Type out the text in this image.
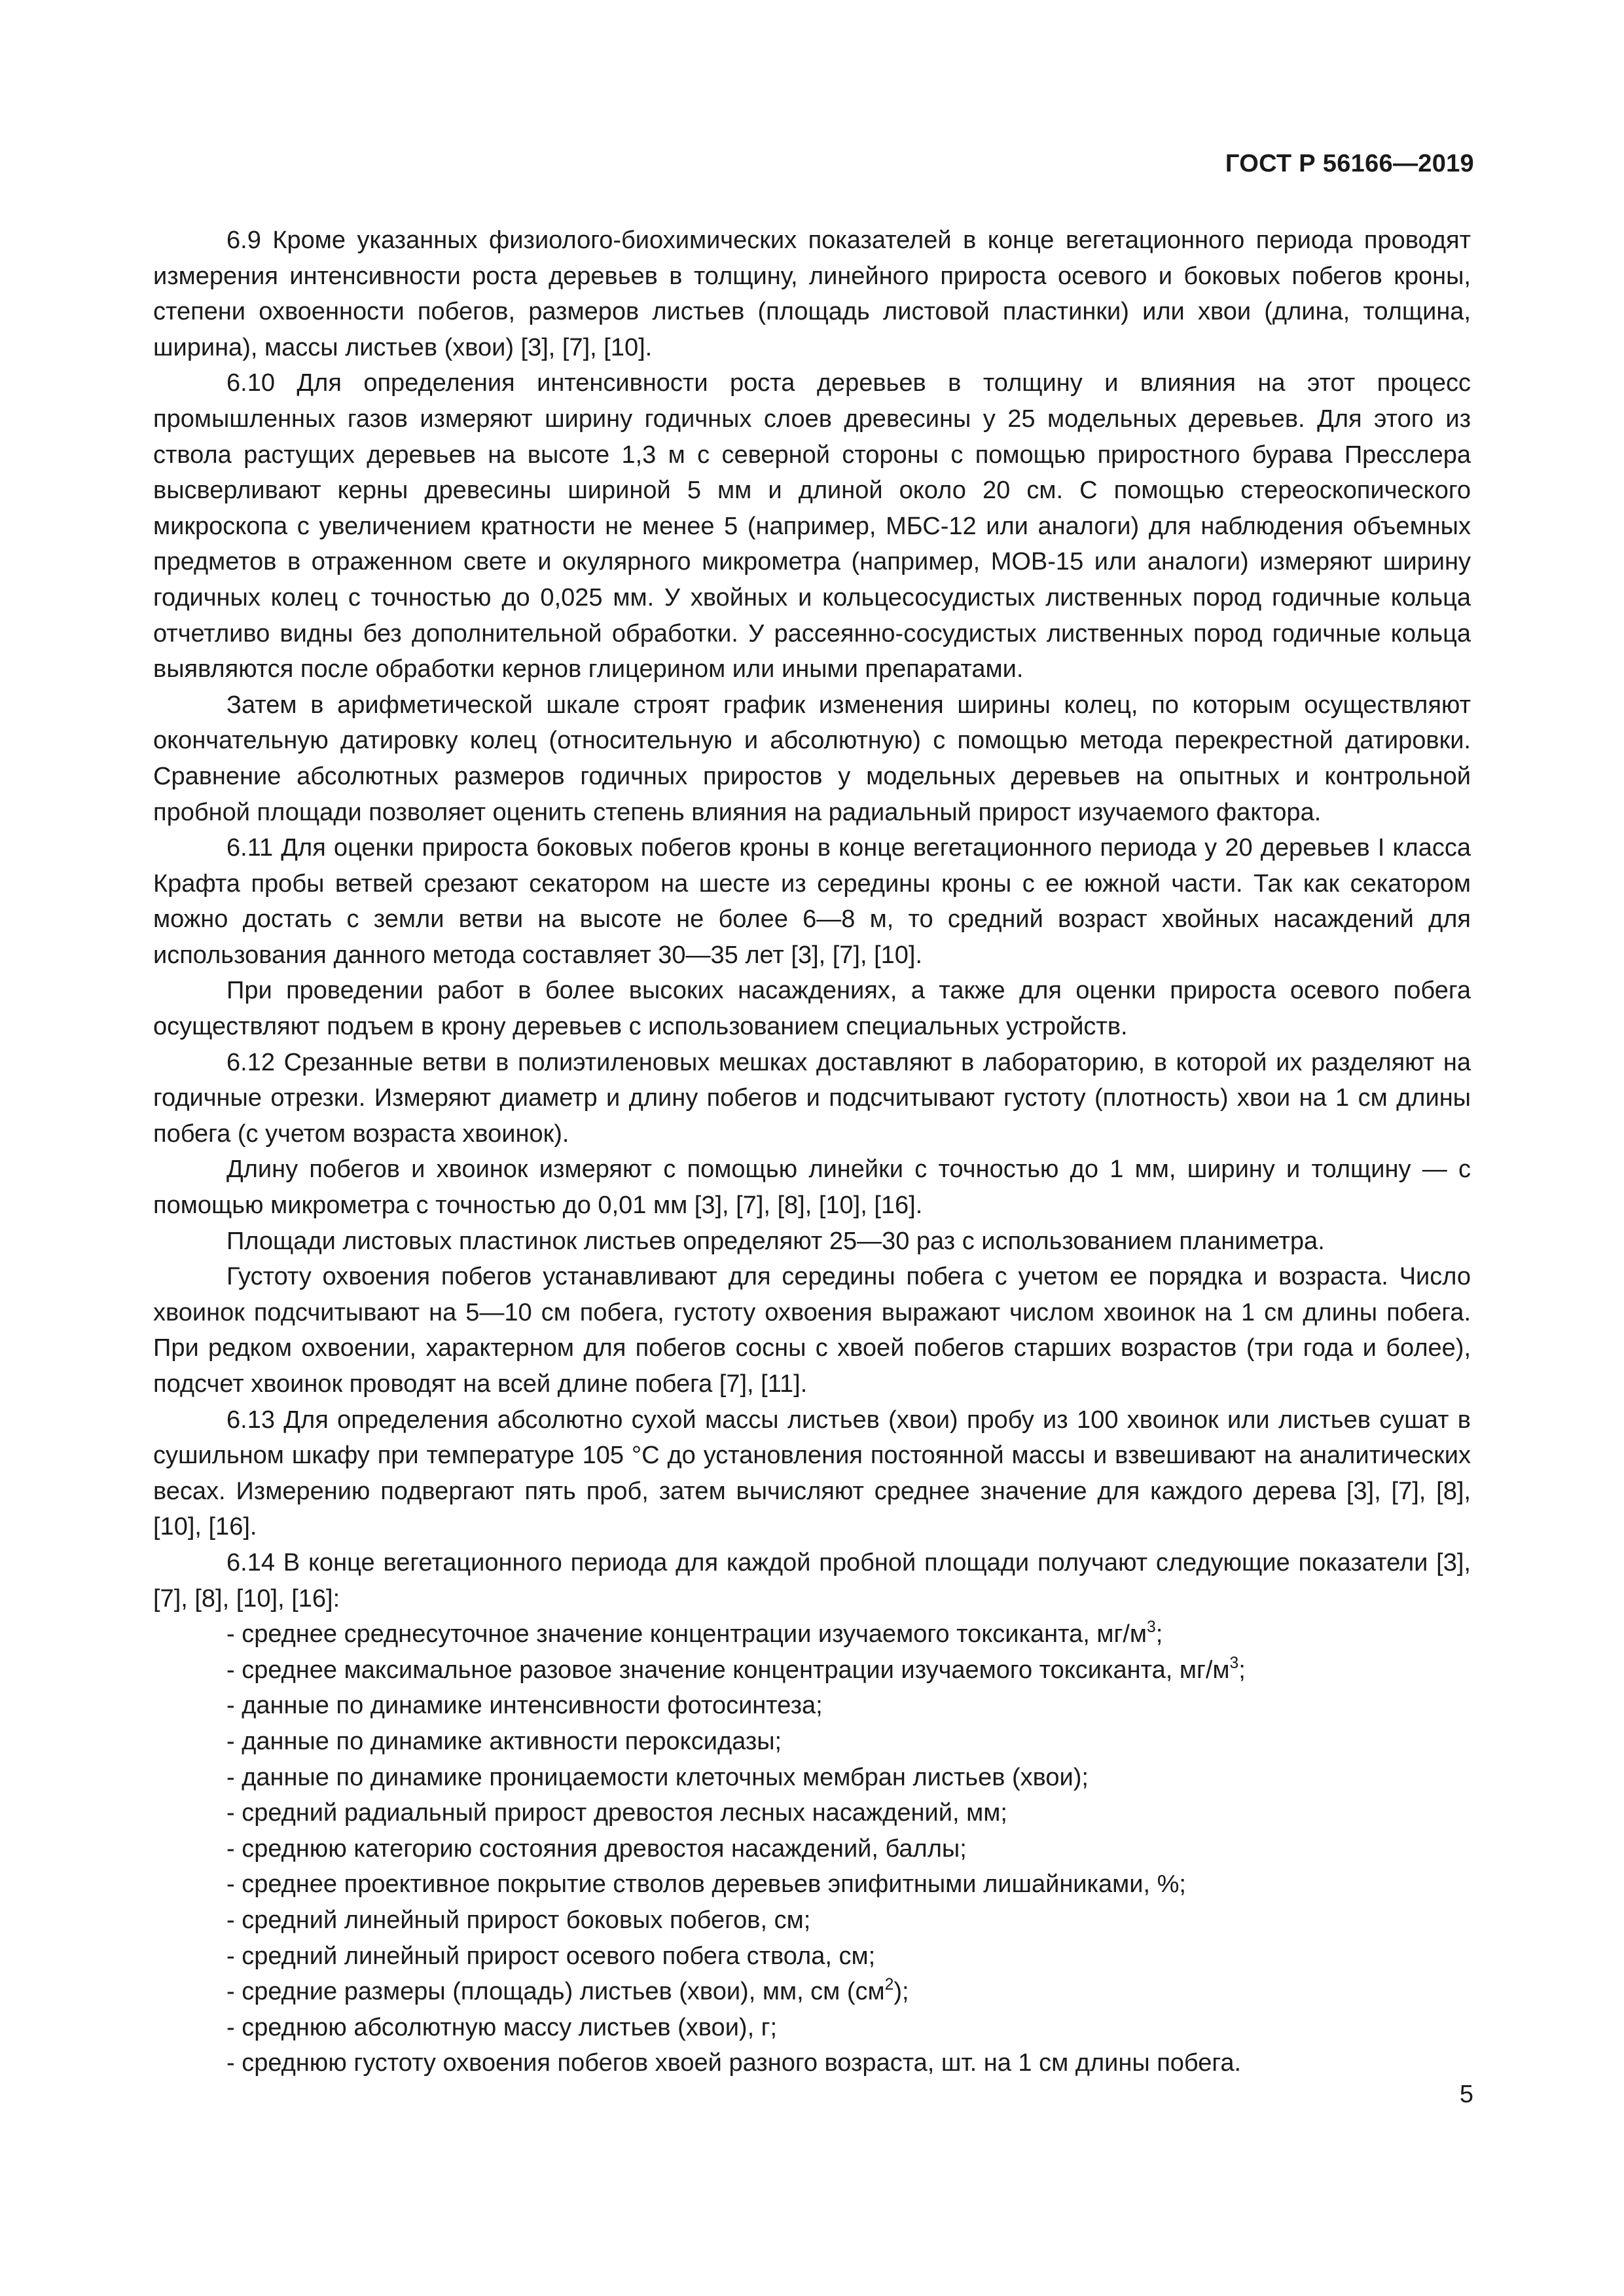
ГОСТ Р 56166—2019

6.9 Кроме указанных физиолого-биохимических показателей в конце вегетационного периода проводят измерения интенсивности роста деревьев в толщину, линейного прироста осевого и боковых побегов кроны, степени охвоенности побегов, размеров листьев (площадь листовой пластинки) или хвои (длина, толщина, ширина), массы листьев (хвои) [3], [7], [10].

6.10 Для определения интенсивности роста деревьев в толщину и влияния на этот процесс промышленных газов измеряют ширину годичных слоев древесины у 25 модельных деревьев. Для этого из ствола растущих деревьев на высоте 1,3 м с северной стороны с помощью приростного бурава Пресслера высверливают керны древесины шириной 5 мм и длиной около 20 см. С помощью стереоскопического микроскопа с увеличением кратности не менее 5 (например, МБС-12 или аналоги) для наблюдения объемных предметов в отраженном свете и окулярного микрометра (например, МОВ-15 или аналоги) измеряют ширину годичных колец с точностью до 0,025 мм. У хвойных и кольцесосудистых лиственных пород годичные кольца отчетливо видны без дополнительной обработки. У рассеянно-сосудистых лиственных пород годичные кольца выявляются после обработки кернов глицерином или иными препаратами.

Затем в арифметической шкале строят график изменения ширины колец, по которым осуществляют окончательную датировку колец (относительную и абсолютную) с помощью метода перекрестной датировки. Сравнение абсолютных размеров годичных приростов у модельных деревьев на опытных и контрольной пробной площади позволяет оценить степень влияния на радиальный прирост изучаемого фактора.

6.11 Для оценки прироста боковых побегов кроны в конце вегетационного периода у 20 деревьев I класса Крафта пробы ветвей срезают секатором на шесте из середины кроны с ее южной части. Так как секатором можно достать с земли ветви на высоте не более 6—8 м, то средний возраст хвойных насаждений для использования данного метода составляет 30—35 лет [3], [7], [10].

При проведении работ в более высоких насаждениях, а также для оценки прироста осевого побега осуществляют подъем в крону деревьев с использованием специальных устройств.

6.12 Срезанные ветви в полиэтиленовых мешках доставляют в лабораторию, в которой их разделяют на годичные отрезки. Измеряют диаметр и длину побегов и подсчитывают густоту (плотность) хвои на 1 см длины побега (с учетом возраста хвоинок).

Длину побегов и хвоинок измеряют с помощью линейки с точностью до 1 мм, ширину и толщину — с помощью микрометра с точностью до 0,01 мм [3], [7], [8], [10], [16].

Площади листовых пластинок листьев определяют 25—30 раз с использованием планиметра.

Густоту охвоения побегов устанавливают для середины побега с учетом ее порядка и возраста. Число хвоинок подсчитывают на 5—10 см побега, густоту охвоения выражают числом хвоинок на 1 см длины побега. При редком охвоении, характерном для побегов сосны с хвоей побегов старших возрастов (три года и более), подсчет хвоинок проводят на всей длине побега [7], [11].

6.13 Для определения абсолютно сухой массы листьев (хвои) пробу из 100 хвоинок или листьев сушат в сушильном шкафу при температуре 105 °С до установления постоянной массы и взвешивают на аналитических весах. Измерению подвергают пять проб, затем вычисляют среднее значение для каждого дерева [3], [7], [8], [10], [16].

6.14 В конце вегетационного периода для каждой пробной площади получают следующие показатели [3], [7], [8], [10], [16]:

- среднее среднесуточное значение концентрации изучаемого токсиканта, $мг/м^3$;
- среднее максимальное разовое значение концентрации изучаемого токсиканта, $мг/м^3$;
- данные по динамике интенсивности фотосинтеза;
- данные по динамике активности пероксидазы;
- данные по динамике проницаемости клеточных мембран листьев (хвои);
- средний радиальный прирост древостоя лесных насаждений, мм;
- среднюю категорию состояния древостоя насаждений, баллы;
- среднее проективное покрытие стволов деревьев эпифитными лишайниками, %;
- средний линейный прирост боковых побегов, см;
- средний линейный прирост осевого побега ствола, см;
- средние размеры (площадь) листьев (хвои), мм, см $(см^2)$;
- среднюю абсолютную массу листьев (хвои), г;
- среднюю густоту охвоения побегов хвоей разного возраста, шт. на 1 см длины побега.
5
